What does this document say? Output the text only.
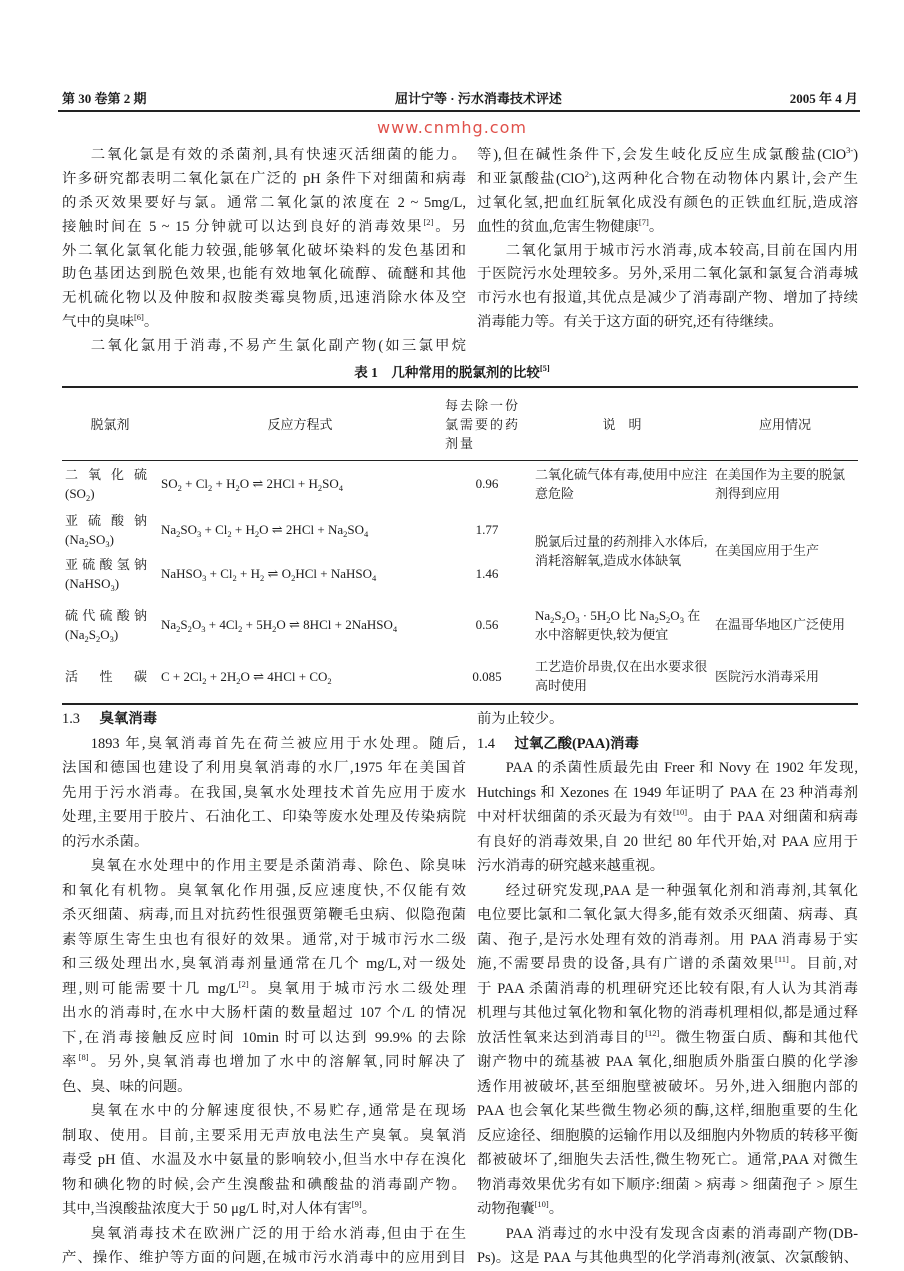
第 30 卷第 2 期	屈计宁等 · 污水消毒技术评述	2005 年 4 月
www.cnmhg.com
二氧化氯是有效的杀菌剂,具有快速灭活细菌的能力。
许多研究都表明二氧化氯在广泛的 pH 条件下对细菌和病毒
的杀灭效果要好与氯。通常二氧化氯的浓度在 2 ~ 5mg/L,
接触时间在 5 ~ 15 分钟就可以达到良好的消毒效果[2]。另
外二氧化氯氧化能力较强,能够氧化破坏染料的发色基团和
助色基团达到脱色效果,也能有效地氧化硫醇、硫醚和其他
无机硫化物以及仲胺和叔胺类霉臭物质,迅速消除水体及空
气中的臭味[6]。
二氧化氯用于消毒,不易产生氯化副产物(如三氯甲烷
等),但在碱性条件下,会发生岐化反应生成氯酸盐(ClO$^{3-}$)
和亚氯酸盐(ClO$^{2-}$),这两种化合物在动物体内累计,会产生
过氧化氢,把血红朊氧化成没有颜色的正铁血红朊,造成溶
血性的贫血,危害生物健康[7]。
二氧化氯用于城市污水消毒,成本较高,目前在国内用
于医院污水处理较多。另外,采用二氧化氯和氯复合消毒城
市污水也有报道,其优点是减少了消毒副产物、增加了持续
消毒能力等。有关于这方面的研究,还有待继续。
表 1　几种常用的脱氯剂的比较[5]
脱氯剂	反应方程式	每去除一份氯需要的药剂量	说　明	应用情况

二氧化硫
$(SO_2)$	$SO_2 + Cl_2 + H_2O$ ⇌ $2HCl + H_2SO_4$	0.96	二氧化硫气体有毒,使用中应注意危险	在美国作为主要的脱氯剂得到应用

亚硫酸钠
$(Na_2SO_3)$	$Na_2SO_3 + Cl_2 + H_2O$ ⇌ $2HCl + Na_2SO_4$	1.77	脱氯后过量的药剂排入水体后,消耗溶解氧,造成水体缺氧	在美国应用于生产

亚硫酸氢钠
(NaHSO$_3$)	NaHSO$_3$ + $Cl_2 + H_2$ ⇌ $O_2HCl$ + NaHSO$_4$	1.46		

硫代硫酸钠
$(Na_2S_2O_3)$	$Na_2S_2O_3 + 4Cl_2 + 5H_2O$ ⇌ 8HCl + 2NaHSO$_4$	0.56	$Na_2S_2O_3 \cdot 5H_2O$ 比 $Na_2S_2O_3$ 在水中溶解更快,较为便宜	在温哥华地区广泛使用

活性碳	$C + 2Cl_2 + 2H_2O$ ⇌ $4HCl + CO_2$	0.085	工艺造价昂贵,仅在出水要求很高时使用	医院污水消毒采用
1.3 臭氧消毒
1893 年,臭氧消毒首先在荷兰被应用于水处理。随后,
法国和德国也建设了利用臭氧消毒的水厂,1975 年在美国首
先用于污水消毒。在我国,臭氧水处理技术首先应用于废水
处理,主要用于胶片、石油化工、印染等废水处理及传染病院
的污水杀菌。
臭氧在水处理中的作用主要是杀菌消毒、除色、除臭味
和氧化有机物。臭氧氧化作用强,反应速度快,不仅能有效
杀灭细菌、病毒,而且对抗药性很强贾第鞭毛虫病、似隐孢菌
素等原生寄生虫也有很好的效果。通常,对于城市污水二级
和三级处理出水,臭氧消毒剂量通常在几个 mg/L,对一级处
理,则可能需要十几 mg/L[2]。臭氧用于城市污水二级处理
出水的消毒时,在水中大肠杆菌的数量超过 107 个/L 的情况
下,在消毒接触反应时间 10min 时可以达到 99.9% 的去除
率[8]。另外,臭氧消毒也增加了水中的溶解氧,同时解决了
色、臭、味的问题。
臭氧在水中的分解速度很快,不易贮存,通常是在现场
制取、使用。目前,主要采用无声放电法生产臭氧。臭氧消
毒受 pH 值、水温及水中氨量的影响较小,但当水中存在溴化
物和碘化物的时候,会产生溴酸盐和碘酸盐的消毒副产物。
其中,当溴酸盐浓度大于 50 μg/L 时,对人体有害[9]。
臭氧消毒技术在欧洲广泛的用于给水消毒,但由于在生
产、操作、维护等方面的问题,在城市污水消毒中的应用到目
前为止较少。
1.4 过氧乙酸(PAA)消毒
PAA 的杀菌性质最先由 Freer 和 Novy 在 1902 年发现,
Hutchings 和 Xezones 在 1949 年证明了 PAA 在 23 种消毒剂
中对杆状细菌的杀灭最为有效[10]。由于 PAA 对细菌和病毒
有良好的消毒效果,自 20 世纪 80 年代开始,对 PAA 应用于
污水消毒的研究越来越重视。
经过研究发现,PAA 是一种强氧化剂和消毒剂,其氧化
电位要比氯和二氧化氯大得多,能有效杀灭细菌、病毒、真
菌、孢子,是污水处理有效的消毒剂。用 PAA 消毒易于实
施,不需要昂贵的设备,具有广谱的杀菌效果[11]。目前,对
于 PAA 杀菌消毒的机理研究还比较有限,有人认为其消毒
机理与其他过氧化物和氧化物的消毒机理相似,都是通过释
放活性氧来达到消毒目的[12]。微生物蛋白质、酶和其他代
谢产物中的巯基被 PAA 氧化,细胞质外脂蛋白膜的化学渗
透作用被破坏,甚至细胞壁被破坏。另外,进入细胞内部的
PAA 也会氧化某些微生物必须的酶,这样,细胞重要的生化
反应途径、细胞膜的运输作用以及细胞内外物质的转移平衡
都被破坏了,细胞失去活性,微生物死亡。通常,PAA 对微生
物消毒效果优劣有如下顺序:细菌 > 病毒 > 细菌孢子 > 原生
动物孢囊[10]。
PAA 消毒过的水中没有发现含卤素的消毒副产物(DB-
Ps)。这是 PAA 与其他典型的化学消毒剂(液氯、次氯酸钠、
